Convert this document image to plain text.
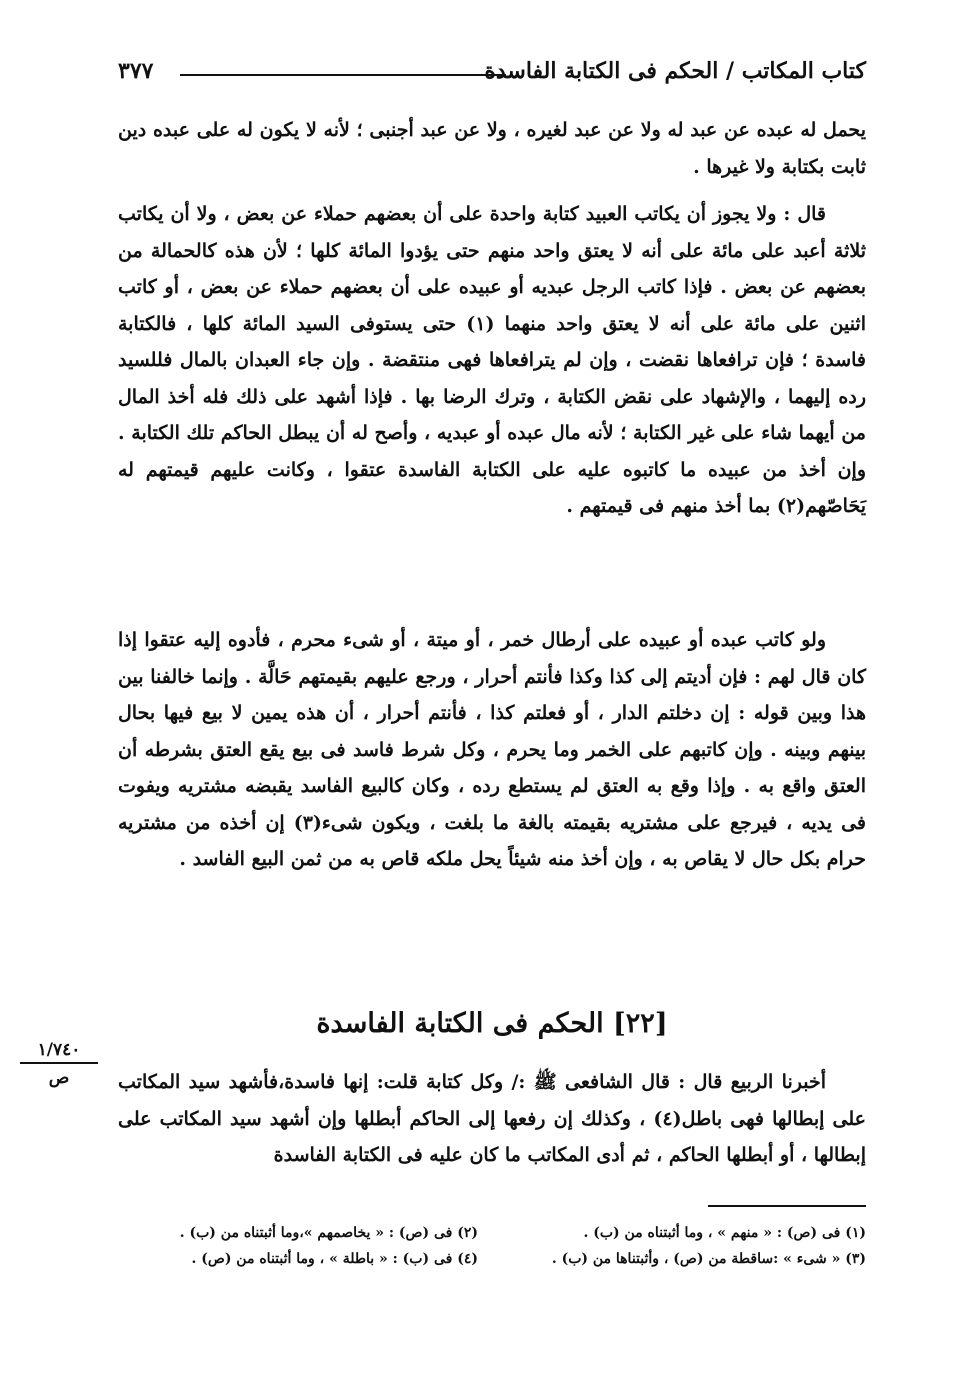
كتاب المكاتب / الحكم فى الكتابة الفاسدة
٣٧٧

يحمل له عبده عن عبد له ولا عن عبد لغيره ، ولا عن عبد أجنبى ؛ لأنه لا يكون له على عبده دين ثابت بكتابة ولا غيرها .

قال : ولا يجوز أن يكاتب العبيد كتابة واحدة على أن بعضهم حملاء عن بعض ، ولا أن يكاتب ثلاثة أعبد على مائة على أنه لا يعتق واحد منهم حتى يؤدوا المائة كلها ؛ لأن هذه كالحمالة من بعضهم عن بعض . فإذا كاتب الرجل عبديه أو عبيده على أن بعضهم حملاء عن بعض ، أو كاتب اثنين على مائة على أنه لا يعتق واحد منهما (١) حتى يستوفى السيد المائة كلها ، فالكتابة فاسدة ؛ فإن ترافعاها نقضت ، وإن لم يترافعاها فهى منتقضة . وإن جاء العبدان بالمال فللسيد رده إليهما ، والإشهاد على نقض الكتابة ، وترك الرضا بها . فإذا أشهد على ذلك فله أخذ المال من أيهما شاء على غير الكتابة ؛ لأنه مال عبده أو عبديه ، وأصح له أن يبطل الحاكم تلك الكتابة . وإن أخذ من عبيده ما كاتبوه عليه على الكتابة الفاسدة عتقوا ، وكانت عليهم قيمتهم له يَحَاصّهم(٢) بما أخذ منهم فى قيمتهم .

ولو كاتب عبده أو عبيده على أرطال خمر ، أو ميتة ، أو شىء محرم ، فأدوه إليه عتقوا إذا كان قال لهم : فإن أديتم إلى كذا وكذا فأنتم أحرار ، ورجع عليهم بقيمتهم حَالَّة . وإنما خالفنا بين هذا وبين قوله : إن دخلتم الدار ، أو فعلتم كذا ، فأنتم أحرار ، أن هذه يمين لا بيع فيها بحال بينهم وبينه . وإن كاتبهم على الخمر وما يحرم ، وكل شرط فاسد فى بيع يقع العتق بشرطه أن العتق واقع به . وإذا وقع به العتق لم يستطع رده ، وكان كالبيع الفاسد يقبضه مشتريه ويفوت فى يديه ، فيرجع على مشتريه بقيمته بالغة ما بلغت ، ويكون شىء(٣) إن أخذه من مشتريه حرام بكل حال لا يقاص به ، وإن أخذ منه شيئاً يحل ملكه قاص به من ثمن البيع الفاسد .

[٢٢] الحكم فى الكتابة الفاسدة
١/٧٤٠
ص	أخبرنا الربيع قال : قال الشافعى ﷺ :/ وكل كتابة قلت: إنها فاسدة،فأشهد سيد المكاتب على إبطالها فهى باطل(٤) ، وكذلك إن رفعها إلى الحاكم أبطلها وإن أشهد سيد المكاتب على إبطالها ، أو أبطلها الحاكم ، ثم أدى المكاتب ما كان عليه فى الكتابة الفاسدة

(١) فى (ص) : « منهم » ، وما أثبتناه من (ب) .
(٢) فى (ص) : « يخاصمهم »،وما أثبتناه من (ب) .
(٣) « شىء » :ساقطة من (ص) ، وأثبتناها من (ب) .
(٤) فى (ب) : « باطلة » ، وما أثبتناه من (ص) .
